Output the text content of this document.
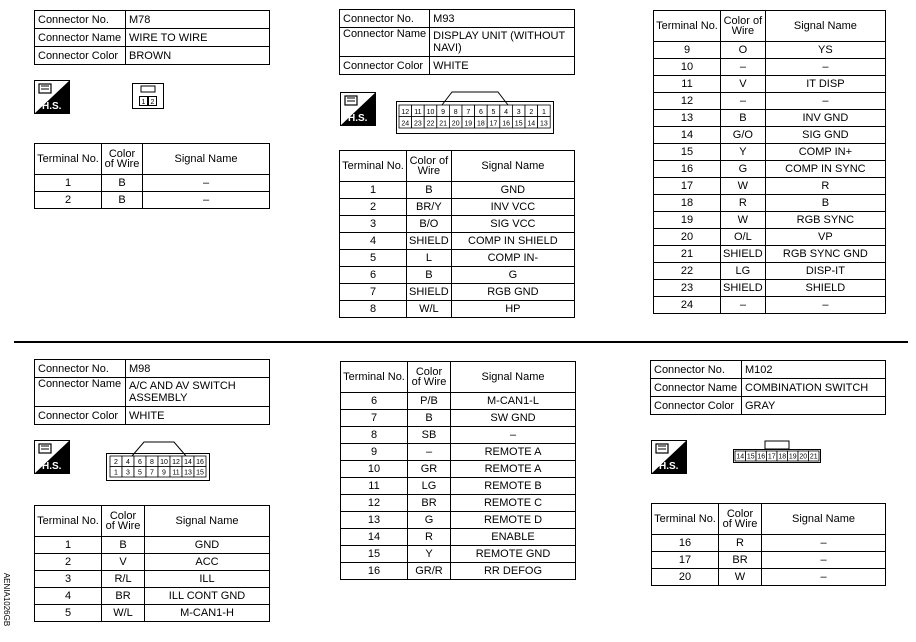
Connector No.	M78
Connector Name	WIRE TO WIRE
Connector Color	BROWN
H.S.	1 2
Terminal No.	Color of Wire	Signal Name
1	B	–
2	B	–
Connector No.	M93
Connector Name	DISPLAY UNIT (WITHOUT NAVI)
Connector Color	WHITE
H.S.
12 11 10 9 8 7 6 5 4 3 2 1
24 23 22 21 20 19 18 17 16 15 14 13
Terminal No.	Color of Wire	Signal Name
1	B	GND
2	BR/Y	INV VCC
3	B/O	SIG VCC
4	SHIELD	COMP IN SHIELD
5	L	COMP IN-
6	B	G
7	SHIELD	RGB GND
8	W/L	HP
Terminal No.	Color of Wire	Signal Name
9	O	YS
10	–	–
11	V	IT DISP
12	–	–
13	B	INV GND
14	G/O	SIG GND
15	Y	COMP IN+
16	G	COMP IN SYNC
17	W	R
18	R	B
19	W	RGB SYNC
20	O/L	VP
21	SHIELD	RGB SYNC GND
22	LG	DISP-IT
23	SHIELD	SHIELD
24	–	–
Connector No.	M98
Connector Name	A/C AND AV SWITCH ASSEMBLY
Connector Color	WHITE
H.S.	2 4 6 8 10 12 14 16
1 3 5 7 9 11 13 15
Terminal No.	Color of Wire	Signal Name
1	B	GND
2	V	ACC
3	R/L	ILL
4	BR	ILL CONT GND
5	W/L	M-CAN1-H
Terminal No.	Color of Wire	Signal Name
6	P/B	M-CAN1-L
7	B	SW GND
8	SB	–
9	–	REMOTE A
10	GR	REMOTE A
11	LG	REMOTE B
12	BR	REMOTE C
13	G	REMOTE D
14	R	ENABLE
15	Y	REMOTE GND
16	GR/R	RR DEFOG
Connector No.	M102
Connector Name	COMBINATION SWITCH
Connector Color	GRAY
H.S.
14 15 16 17 18 19 20 21
Terminal No.	Color of Wire	Signal Name
16	R	–
17	BR	–
20	W	–
AENIA1026GB
